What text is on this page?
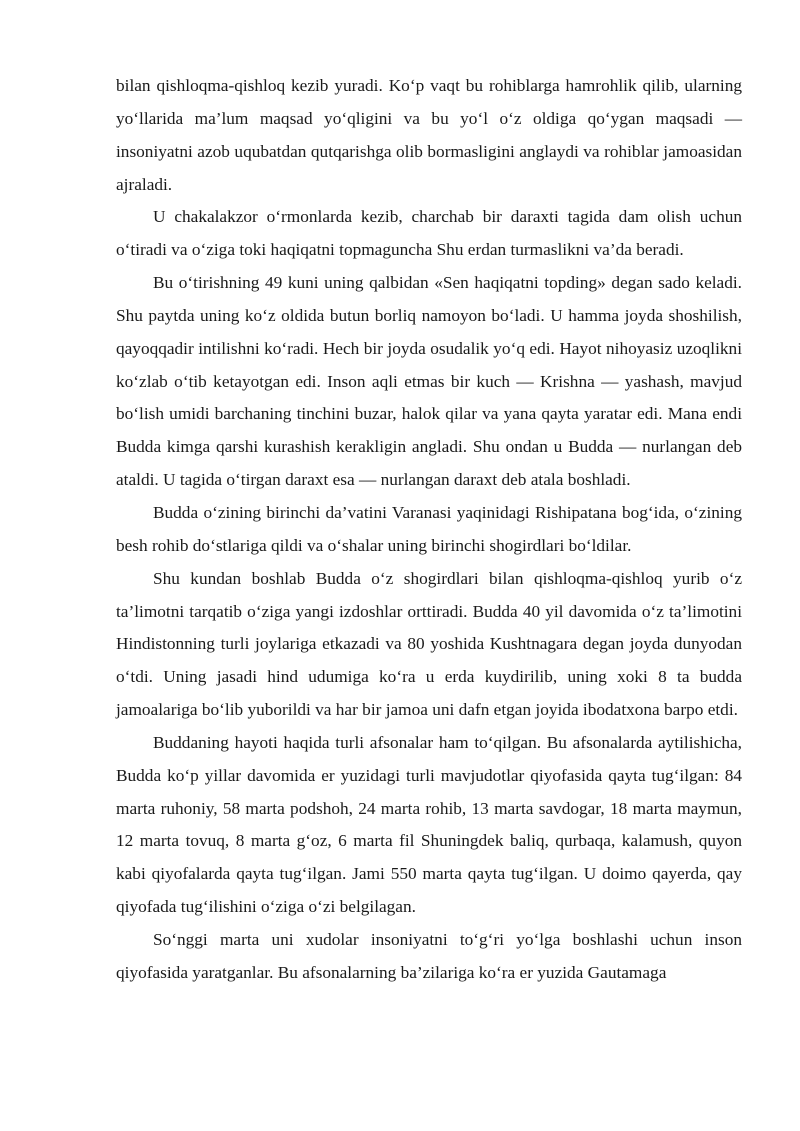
bilan qishloqma-qishloq kezib yuradi. Ko‘p vaqt bu rohiblarga hamrohlik qilib, ularning yo‘llarida ma’lum maqsad yo‘qligini va bu yo‘l o‘z oldiga qo‘ygan maqsadi — insoniyatni azob uqubatdan qutqarishga olib bormasligini anglaydi va rohiblar jamoasidan ajraladi.

U chakalakzor o‘rmonlarda kezib, charchab bir daraxti tagida dam olish uchun o‘tiradi va o‘ziga toki haqiqatni topmaguncha Shu erdan turmaslikni va’da beradi.

Bu o‘tirishning 49 kuni uning qalbidan «Sen haqiqatni topding» degan sado keladi. Shu paytda uning ko‘z oldida butun borliq namoyon bo‘ladi. U hamma joyda shoshilish, qayoqqadir intilishni ko‘radi. Hech bir joyda osudalik yo‘q edi. Hayot nihoyasiz uzoqlikni ko‘zlab o‘tib ketayotgan edi. Inson aqli etmas bir kuch — Krishna — yashash, mavjud bo‘lish umidi barchaning tinchini buzar, halok qilar va yana qayta yaratar edi. Mana endi Budda kimga qarshi kurashish kerakligin angladi. Shu ondan u Budda — nurlangan deb ataldi. U tagida o‘tirgan daraxt esa — nurlangan daraxt deb atala boshladi.

Budda o‘zining birinchi da’vatini Varanasi yaqinidagi Rishipatana bog‘ida, o‘zining besh rohib do‘stlariga qildi va o‘shalar uning birinchi shogirdlari bo‘ldilar.

Shu kundan boshlab Budda o‘z shogirdlari bilan qishloqma-qishloq yurib o‘z ta’limotni tarqatib o‘ziga yangi izdoshlar orttiradi. Budda 40 yil davomida o‘z ta’limotini Hindistonning turli joylariga etkazadi va 80 yoshida Kushtnagara degan joyda dunyodan o‘tdi. Uning jasadi hind udumiga ko‘ra u erda kuydirilib, uning xoki 8 ta budda jamoalariga bo‘lib yuborildi va har bir jamoa uni dafn etgan joyida ibodatxona barpo etdi.

Buddaning hayoti haqida turli afsonalar ham to‘qilgan. Bu afsonalarda aytilishicha, Budda ko‘p yillar davomida er yuzidagi turli mavjudotlar qiyofasida qayta tug‘ilgan: 84 marta ruhoniy, 58 marta podshoh, 24 marta rohib, 13 marta savdogar, 18 marta maymun, 12 marta tovuq, 8 marta g‘oz, 6 marta fil Shuningdek baliq, qurbaqa, kalamush, quyon kabi qiyofalarda qayta tug‘ilgan. Jami 550 marta qayta tug‘ilgan. U doimo qayerda, qay qiyofada tug‘ilishini o‘ziga o‘zi belgilagan.

So‘nggi marta uni xudolar insoniyatni to‘g‘ri yo‘lga boshlashi uchun inson qiyofasida yaratganlar. Bu afsonalarning ba’zilariga ko‘ra er yuzida Gautamaga
